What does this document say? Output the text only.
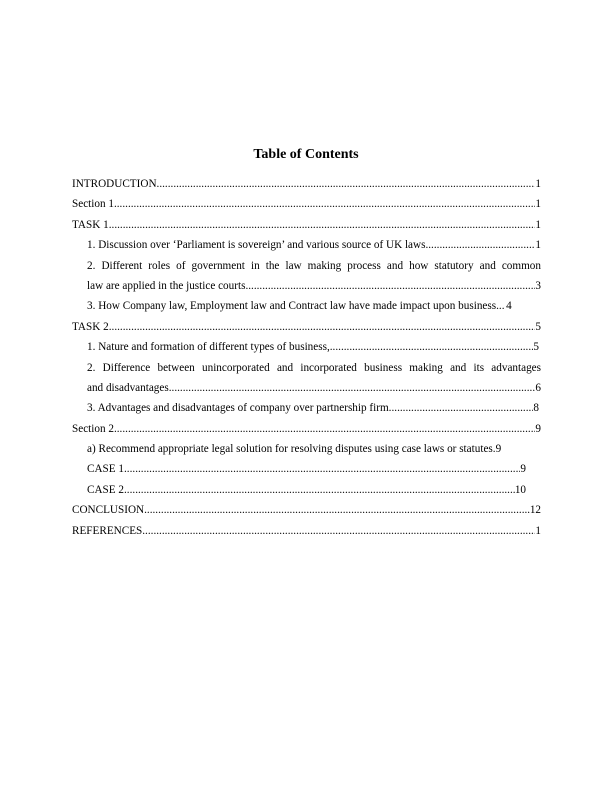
Table of Contents
INTRODUCTION .....	1
Section 1 .....	1
TASK 1 .....	1
1. Discussion over ‘Parliament is sovereign’ and various source of UK laws .....	1
2. Different roles of government in the law making process and how statutory and common
law are applied in the justice courts .....	3
3. How Company law, Employment law and Contract law have made impact upon business ..... 4
TASK 2 .....	5
1. Nature and formation of different types of business, .....	5
2. Difference between unincorporated and incorporated business making and its advantages
and disadvantages .....	6
3. Advantages and disadvantages of company over partnership firm .....	8
Section 2 .....	9
a) Recommend appropriate legal solution for resolving disputes using case laws or statutes. 9
CASE 1 .....	9
CASE 2 .....	10
CONCLUSION .....	12
REFERENCES .....	1
